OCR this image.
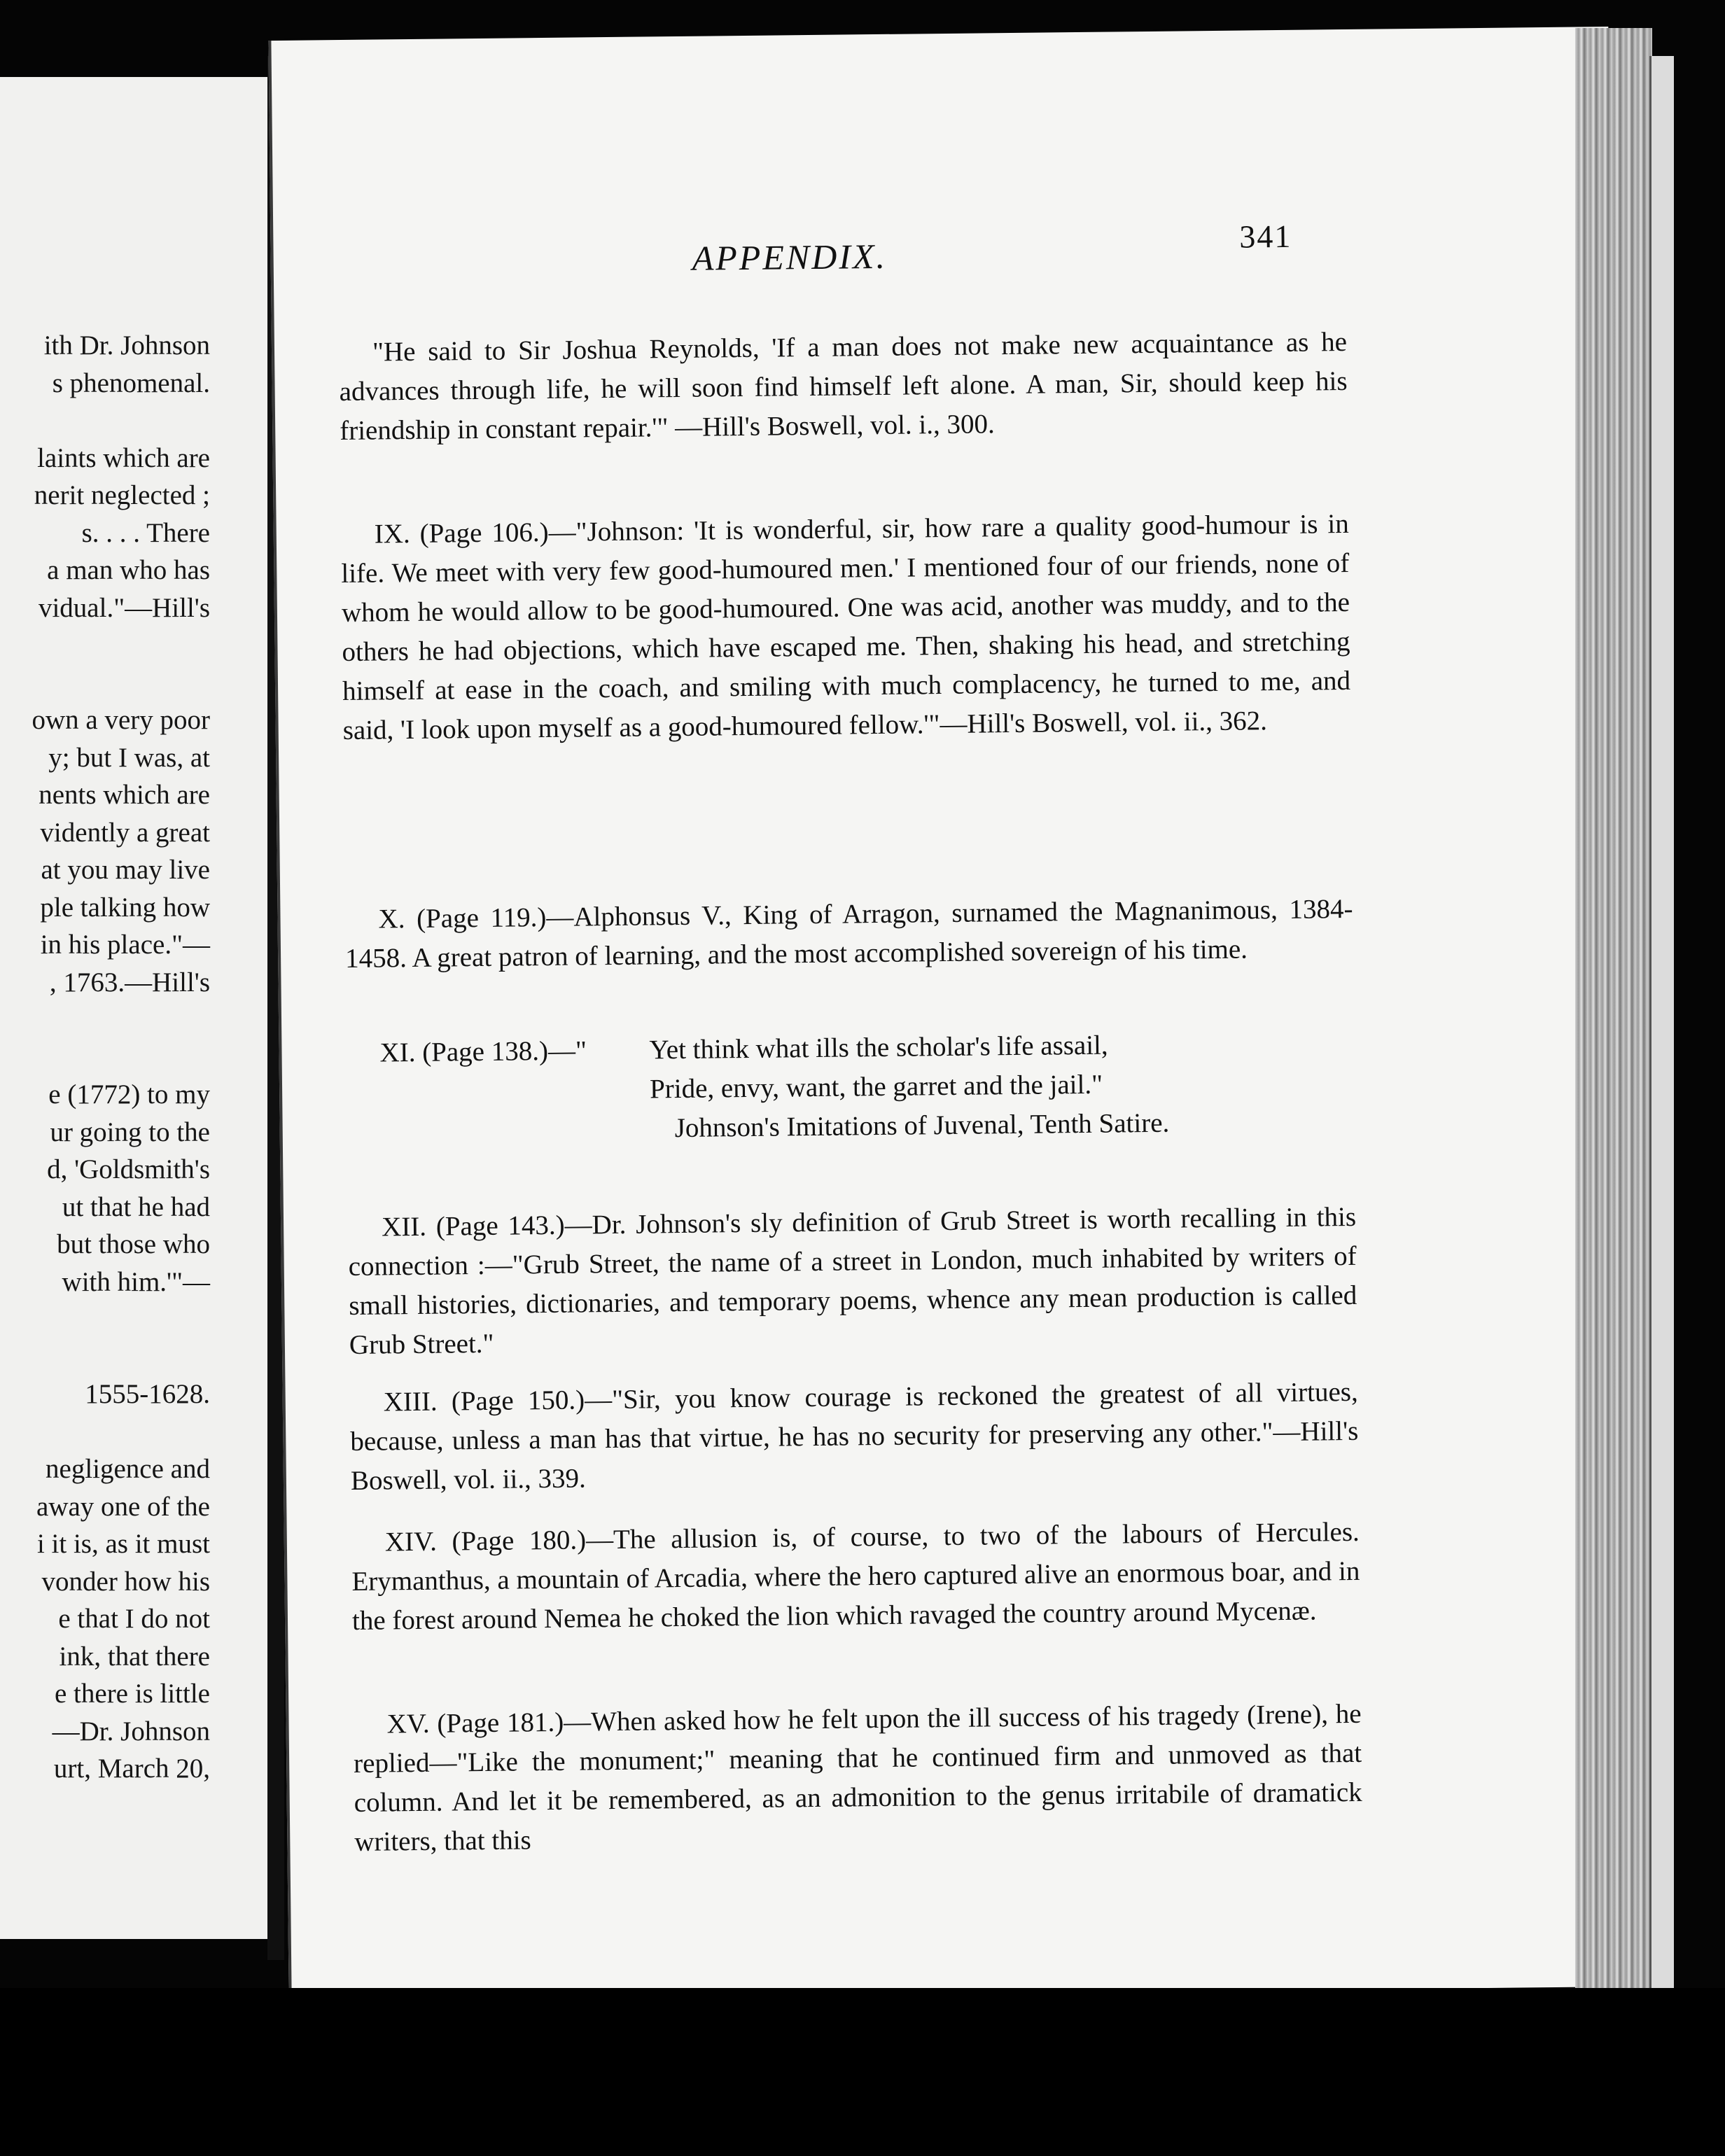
ith Dr. Johnson
s phenomenal.
laints which are
nerit neglected ;
s. . . . There
a man who has
vidual."—Hill's
own a very poor
y; but I was, at
nents which are
vidently a great
at you may live
ple talking how
in his place."—
, 1763.—Hill's
e (1772) to my
ur going to the
d, 'Goldsmith's
ut that he had
but those who
with him.'"—
1555-1628.
negligence and
away one of the
i it is, as it must
vonder how his
e that I do not
ink, that there
e there is little
—Dr. Johnson
urt, March 20,
APPENDIX.
341

"He said to Sir Joshua Reynolds, 'If a man does not make new acquaintance as he advances through life, he will soon find himself left alone. A man, Sir, should keep his friendship in constant repair.'" —Hill's Boswell, vol. i., 300.

IX. (Page 106.)—"Johnson: 'It is wonderful, sir, how rare a quality good-humour is in life. We meet with very few good-humoured men.' I mentioned four of our friends, none of whom he would allow to be good-humoured. One was acid, another was muddy, and to the others he had objections, which have escaped me. Then, shaking his head, and stretching himself at ease in the coach, and smiling with much complacency, he turned to me, and said, 'I look upon myself as a good-humoured fellow.'"—Hill's Boswell, vol. ii., 362.

X. (Page 119.)—Alphonsus V., King of Arragon, surnamed the Magnanimous, 1384-1458. A great patron of learning, and the most accomplished sovereign of his time.

XI. (Page 138.)—" Yet think what ills the scholar's life assail,
Pride, envy, want, the garret and the jail."
Johnson's Imitations of Juvenal, Tenth Satire.

XII. (Page 143.)—Dr. Johnson's sly definition of Grub Street is worth recalling in this connection :—"Grub Street, the name of a street in London, much inhabited by writers of small histories, dictionaries, and temporary poems, whence any mean production is called Grub Street."

XIII. (Page 150.)—"Sir, you know courage is reckoned the greatest of all virtues, because, unless a man has that virtue, he has no security for preserving any other."—Hill's Boswell, vol. ii., 339.

XIV. (Page 180.)—The allusion is, of course, to two of the labours of Hercules. Erymanthus, a mountain of Arcadia, where the hero captured alive an enormous boar, and in the forest around Nemea he choked the lion which ravaged the country around Mycenæ.

XV. (Page 181.)—When asked how he felt upon the ill success of his tragedy (Irene), he replied—"Like the monument;" meaning that he continued firm and unmoved as that column. And let it be remembered, as an admonition to the genus irritabile of dramatick writers, that this
